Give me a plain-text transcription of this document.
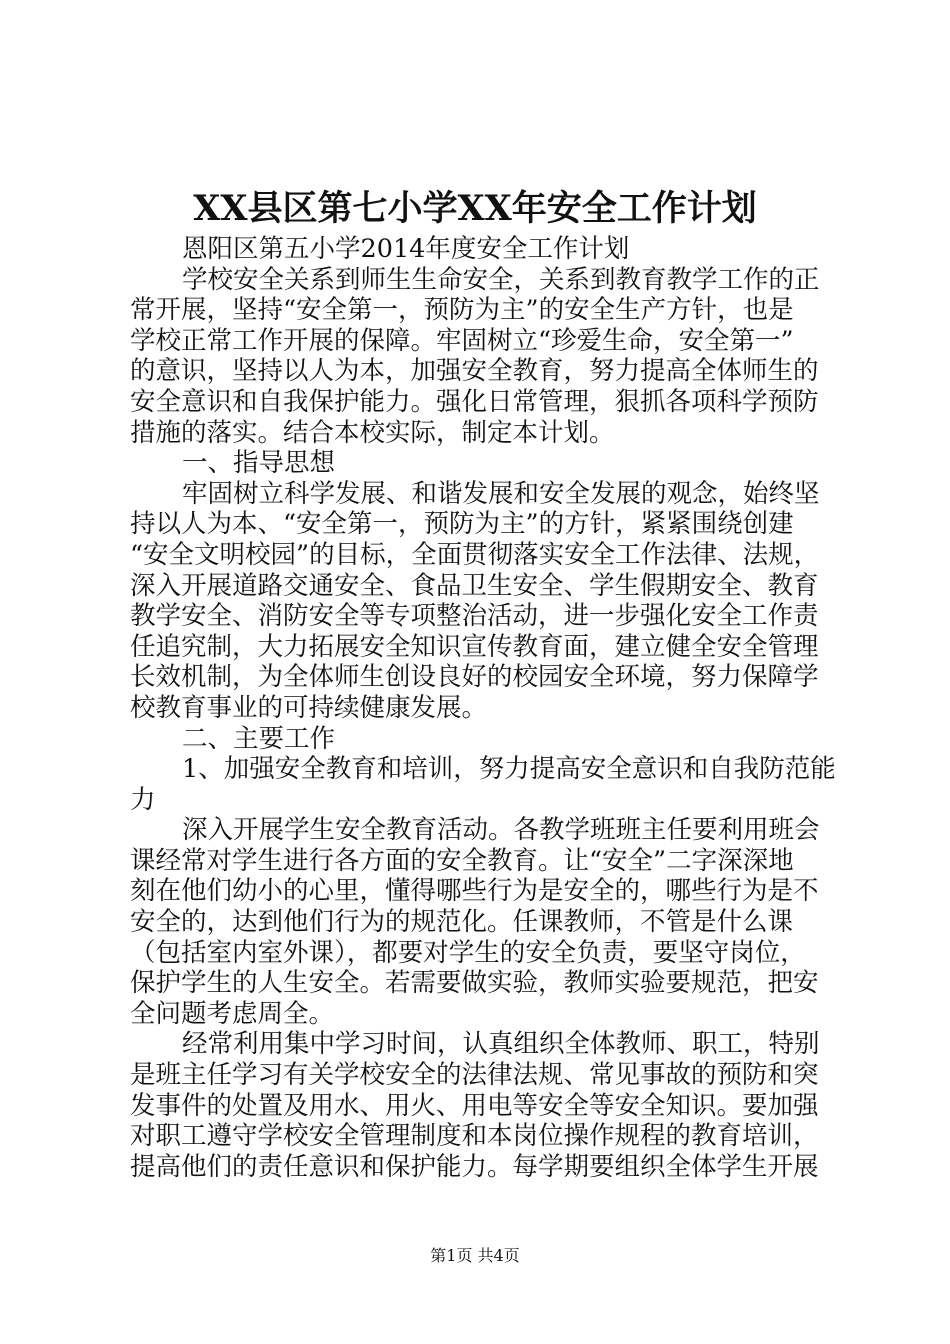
XX县区第七小学XX年安全工作计划
恩阳区第五小学2014年度安全工作计划
学校安全关系到师生生命安全，关系到教育教学工作的正
常开展，坚持“安全第一，预防为主”的安全生产方针，也是
学校正常工作开展的保障。牢固树立“珍爱生命，安全第一”
的意识，坚持以人为本，加强安全教育，努力提高全体师生的
安全意识和自我保护能力。强化日常管理，狠抓各项科学预防
措施的落实。结合本校实际，制定本计划。
一、指导思想
牢固树立科学发展、和谐发展和安全发展的观念，始终坚
持以人为本、“安全第一，预防为主”的方针，紧紧围绕创建
“安全文明校园”的目标，全面贯彻落实安全工作法律、法规，
深入开展道路交通安全、食品卫生安全、学生假期安全、教育
教学安全、消防安全等专项整治活动，进一步强化安全工作责
任追究制，大力拓展安全知识宣传教育面，建立健全安全管理
长效机制，为全体师生创设良好的校园安全环境，努力保障学
校教育事业的可持续健康发展。
二、主要工作
1、加强安全教育和培训，努力提高安全意识和自我防范能
力
深入开展学生安全教育活动。各教学班班主任要利用班会
课经常对学生进行各方面的安全教育。让“安全”二字深深地
刻在他们幼小的心里，懂得哪些行为是安全的，哪些行为是不
安全的，达到他们行为的规范化。任课教师，不管是什么课
（包括室内室外课），都要对学生的安全负责，要坚守岗位，
保护学生的人生安全。若需要做实验，教师实验要规范，把安
全问题考虑周全。
经常利用集中学习时间，认真组织全体教师、职工，特别
是班主任学习有关学校安全的法律法规、常见事故的预防和突
发事件的处置及用水、用火、用电等安全等安全知识。要加强
对职工遵守学校安全管理制度和本岗位操作规程的教育培训，
提高他们的责任意识和保护能力。每学期要组织全体学生开展
第1页 共4页
